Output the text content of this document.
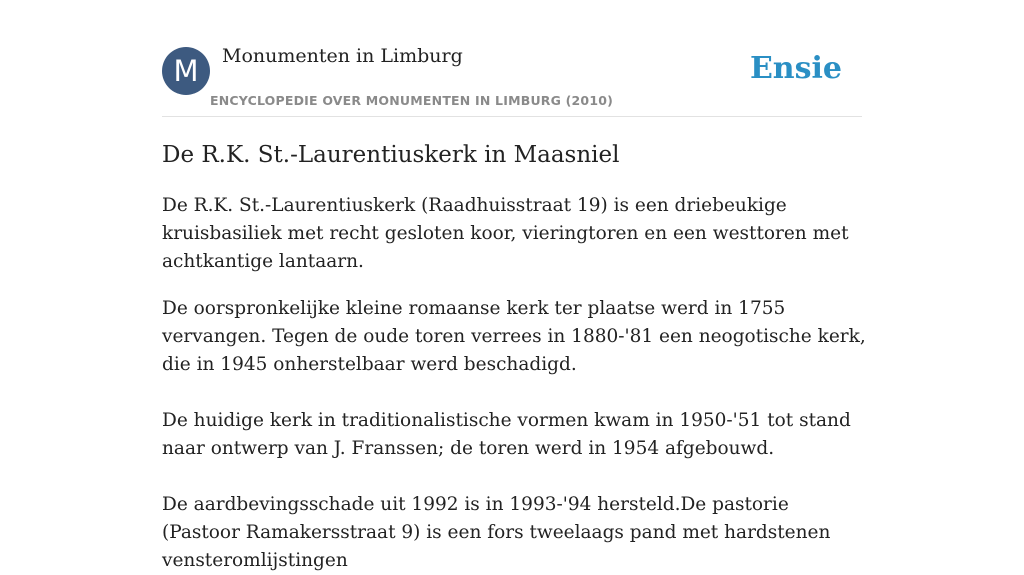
M	Monumenten in Limburg
ENCYCLOPEDIE OVER MONUMENTEN IN LIMBURG (2010)
Ensie
De R.K. St.-Laurentiuskerk in Maasniel

De R.K. St.-Laurentiuskerk (Raadhuisstraat 19) is een driebeukige kruisbasiliek met recht gesloten koor, vieringtoren en een westtoren met achtkantige lantaarn.

De oorspronkelijke kleine romaanse kerk ter plaatse werd in 1755 vervangen. Tegen de oude toren verrees in 1880-'81 een neogotische kerk, die in 1945 onherstelbaar werd beschadigd.

De huidige kerk in traditionalistische vormen kwam in 1950-'51 tot stand naar ontwerp van J. Franssen; de toren werd in 1954 afgebouwd.

De aardbevingsschade uit 1992 is in 1993-'94 hersteld.De pastorie (Pastoor Ramakersstraat 9) is een fors tweelaags pand met hardstenen vensteromlijstingen
